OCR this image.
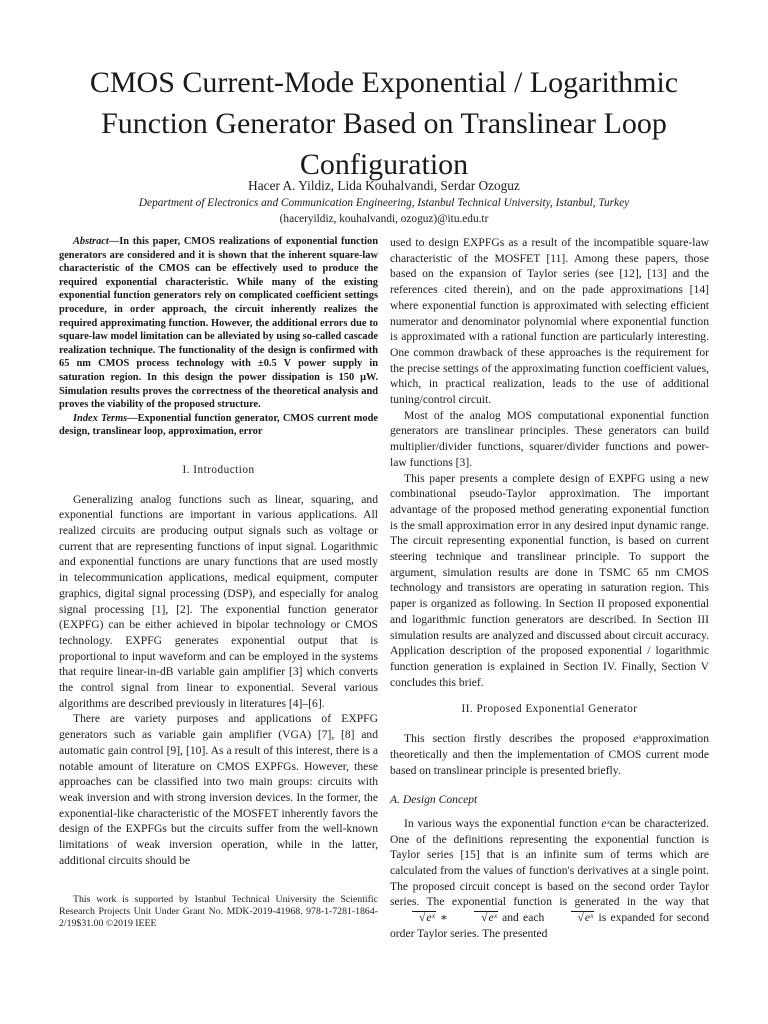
CMOS Current-Mode Exponential / Logarithmic Function Generator Based on Translinear Loop Configuration
Hacer A. Yildiz, Lida Kouhalvandi, Serdar Ozoguz
Department of Electronics and Communication Engineering, Istanbul Technical University, Istanbul, Turkey
(haceryildiz, kouhalvandi, ozoguz)@itu.edu.tr

Abstract—In this paper, CMOS realizations of exponential function generators are considered and it is shown that the inherent square-law characteristic of the CMOS can be effectively used to produce the required exponential characteristic. While many of the existing exponential function generators rely on complicated coefficient settings procedure, in order approach, the circuit inherently realizes the required approximating function. However, the additional errors due to square-law model limitation can be alleviated by using so-called cascade realization technique. The functionality of the design is confirmed with 65 nm CMOS process technology with ±0.5 V power supply in saturation region. In this design the power dissipation is 150 μW. Simulation results proves the correctness of the theoretical analysis and proves the viability of the proposed structure.

Index Terms—Exponential function generator, CMOS current mode design, translinear loop, approximation, error

I. Introduction

Generalizing analog functions such as linear, squaring, and exponential functions are important in various applications. All realized circuits are producing output signals such as voltage or current that are representing functions of input signal. Logarithmic and exponential functions are unary functions that are used mostly in telecommunication applications, medical equipment, computer graphics, digital signal processing (DSP), and especially for analog signal processing [1], [2]. The exponential function generator (EXPFG) can be either achieved in bipolar technology or CMOS technology. EXPFG generates exponential output that is proportional to input waveform and can be employed in the systems that require linear-in-dB variable gain amplifier [3] which converts the control signal from linear to exponential. Several various algorithms are described previously in literatures [4]–[6].

There are variety purposes and applications of EXPFG generators such as variable gain amplifier (VGA) [7], [8] and automatic gain control [9], [10]. As a result of this interest, there is a notable amount of literature on CMOS EXPFGs. However, these approaches can be classified into two main groups: circuits with weak inversion and with strong inversion devices. In the former, the exponential-like characteristic of the MOSFET inherently favors the design of the EXPFGs but the circuits suffer from the well-known limitations of weak inversion operation, while in the latter, additional circuits should be

used to design EXPFGs as a result of the incompatible square-law characteristic of the MOSFET [11]. Among these papers, those based on the expansion of Taylor series (see [12], [13] and the references cited therein), and on the pade approximations [14] where exponential function is approximated with selecting efficient numerator and denominator polynomial where exponential function is approximated with a rational function are particularly interesting. One common drawback of these approaches is the requirement for the precise settings of the approximating function coefficient values, which, in practical realization, leads to the use of additional tuning/control circuit.

Most of the analog MOS computational exponential function generators are translinear principles. These generators can build multiplier/divider functions, squarer/divider functions and power-law functions [3].

This paper presents a complete design of EXPFG using a new combinational pseudo-Taylor approximation. The important advantage of the proposed method generating exponential function is the small approximation error in any desired input dynamic range. The circuit representing exponential function, is based on current steering technique and translinear principle. To support the argument, simulation results are done in TSMC 65 nm CMOS technology and transistors are operating in saturation region. This paper is organized as following. In Section II proposed exponential and logarithmic function generators are described. In Section III simulation results are analyzed and discussed about circuit accuracy. Application description of the proposed exponential / logarithmic function generation is explained in Section IV. Finally, Section V concludes this brief.

II. Proposed Exponential Generator

This section firstly describes the proposed eˣapproximation theoretically and then the implementation of CMOS current mode based on translinear principle is presented briefly.

A. Design Concept

In various ways the exponential function eˣcan be characterized. One of the definitions representing the exponential function is Taylor series [15] that is an infinite sum of terms which are calculated from the values of function's derivatives at a single point. The proposed circuit concept is based on the second order Taylor series. The exponential function is generated in the way that √ eˣ ∗	√ eˣ and each	√ eˣ is expanded for second order Taylor series. The presented

This work is supported by Istanbul Technical University the Scientific Research Projects Unit Under Grant No. MDK-2019-41968. 978-1-7281-1864-2/19$31.00 ©2019 IEEE
